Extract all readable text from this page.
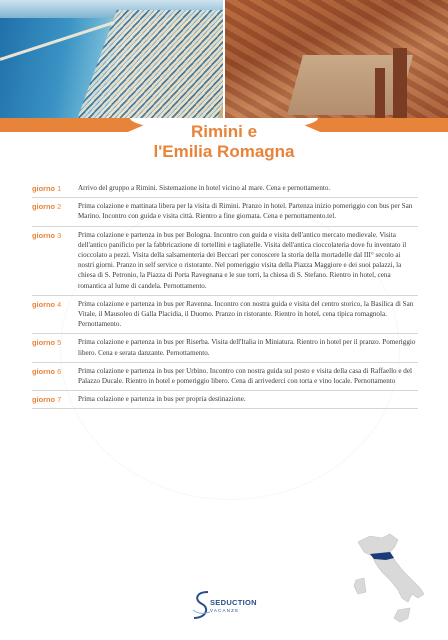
Rimini e
l'Emilia Romagna
giorno 1	Arrivo del gruppo a Rimini. Sistemazione in hotel vicino al mare. Cena e pernottamento.
giorno 2	Prima colazione e mattinata libera per la visita di Rimini. Pranzo in hotel. Partenza inizio pomeriggio con bus per San Marino. Incontro con guida e visita città. Rientro a fine giornata. Cena e pernottamento.tel.
giorno 3	Prima colazione e partenza in bus per Bologna. Incontro con guida e visita dell'antico mercato medievale. Visita dell'antico panificio per la fabbricazione di tortellini e tagliatelle. Visita dell'antica cioccolateria dove fu inventato il cioccolato a pezzi. Visita della salsamenteria dei Beccari per conoscere la storia della mortadelle dal III° secolo ai nostri giorni. Pranzo in self service o ristorante. Nel pomeriggio visita della Piazza Maggiore e dei suoi palazzi, la chiesa di S. Petronio, la Piazza di Porta Ravegnana e le sue torri, la chiesa di S. Stefano. Rientro in hotel, cena romantica al lume di candela. Pernottamento.
giorno 4	Prima colazione e partenza in bus per Ravenna. Incontro con nostra guida e visita del centro storico, la Basilica di San Vitale, il Mausoleo di Galla Placidia, il Duomo. Pranzo in ristorante. Rientro in hotel, cena tipica romagnola. Pernottamento.
giorno 5	Prima colazione e partenza in bus per Riserba. Visita dell'Italia in Miniatura. Rientro in hotel per il pranzo. Pomeriggio libero. Cena e serata danzante. Pernottamento.
giorno 6	Prima colazione e partenza in bus per Urbino. Incontro con nostra guida sul posto e visita della casa di Raffaello e del Palazzo Ducale. Rientro in hotel e pomeriggio libero. Cena di arrivederci con torta e vino locale. Pernottamento
giorno 7	Prima colazione e partenza in bus per propria destinazione.
SEDUCTION
VACANZE
